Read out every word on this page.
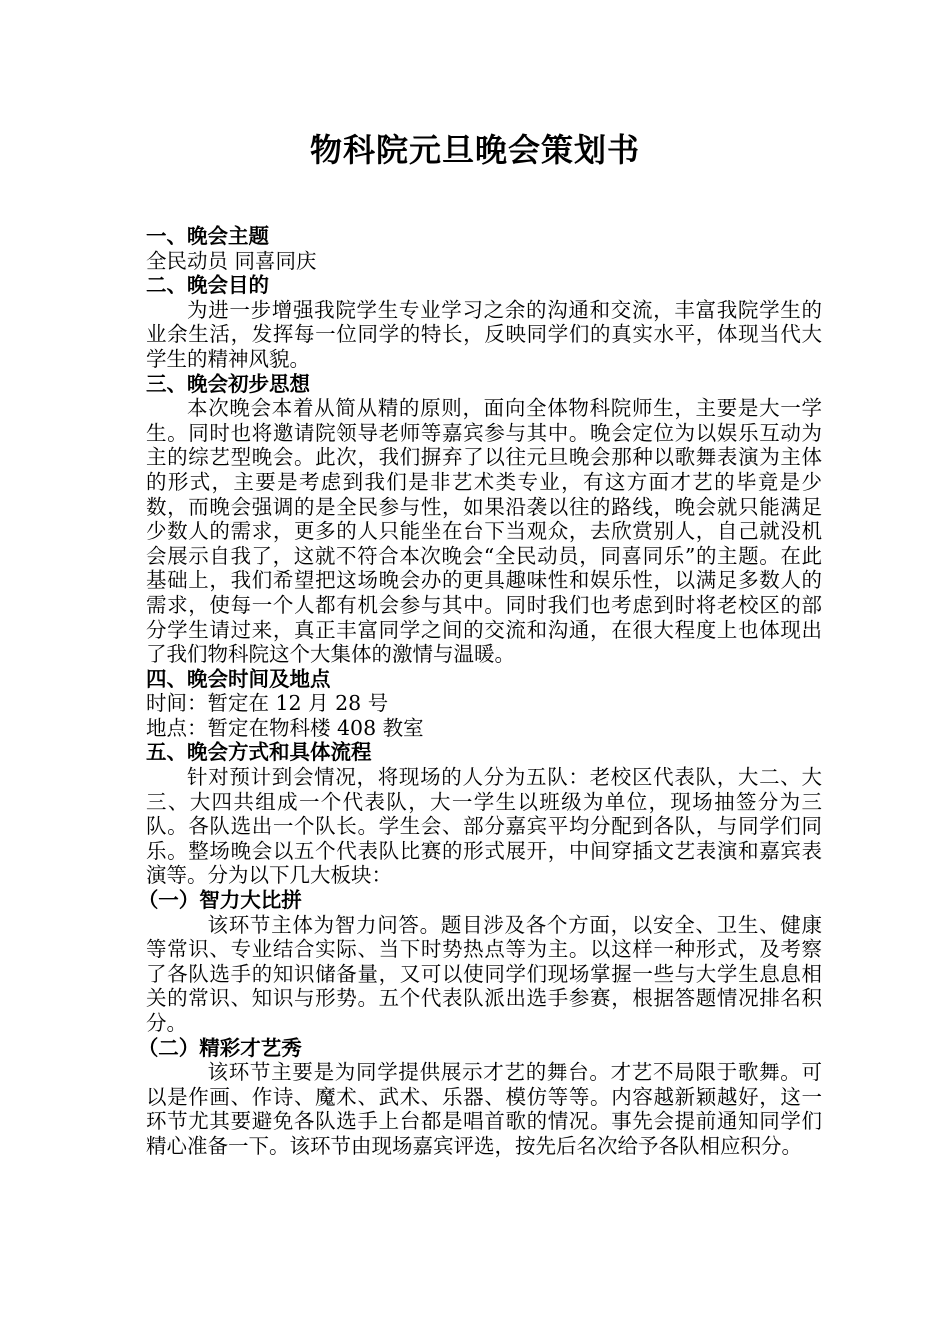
物科院元旦晚会策划书

一、晚会主题

全民动员 同喜同庆

二、晚会目的

为进一步增强我院学生专业学习之余的沟通和交流，丰富我院学生的业余生活，发挥每一位同学的特长，反映同学们的真实水平，体现当代大学生的精神风貌。

三、晚会初步思想

本次晚会本着从简从精的原则，面向全体物科院师生，主要是大一学生。同时也将邀请院领导老师等嘉宾参与其中。晚会定位为以娱乐互动为主的综艺型晚会。此次，我们摒弃了以往元旦晚会那种以歌舞表演为主体的形式，主要是考虑到我们是非艺术类专业，有这方面才艺的毕竟是少数，而晚会强调的是全民参与性，如果沿袭以往的路线，晚会就只能满足少数人的需求，更多的人只能坐在台下当观众，去欣赏别人，自己就没机会展示自我了，这就不符合本次晚会“全民动员，同喜同乐”的主题。在此基础上，我们希望把这场晚会办的更具趣味性和娱乐性，以满足多数人的需求，使每一个人都有机会参与其中。同时我们也考虑到时将老校区的部分学生请过来，真正丰富同学之间的交流和沟通，在很大程度上也体现出了我们物科院这个大集体的激情与温暖。

四、晚会时间及地点

时间：暂定在 12 月 28 号

地点：暂定在物科楼 408 教室

五、晚会方式和具体流程

针对预计到会情况，将现场的人分为五队：老校区代表队，大二、大三、大四共组成一个代表队，大一学生以班级为单位，现场抽签分为三队。各队选出一个队长。学生会、部分嘉宾平均分配到各队，与同学们同乐。整场晚会以五个代表队比赛的形式展开，中间穿插文艺表演和嘉宾表演等。分为以下几大板块：

（一）智力大比拼

该环节主体为智力问答。题目涉及各个方面，以安全、卫生、健康等常识、专业结合实际、当下时势热点等为主。以这样一种形式，及考察了各队选手的知识储备量，又可以使同学们现场掌握一些与大学生息息相关的常识、知识与形势。五个代表队派出选手参赛，根据答题情况排名积分。

（二）精彩才艺秀

该环节主要是为同学提供展示才艺的舞台。才艺不局限于歌舞。可以是作画、作诗、魔术、武术、乐器、模仿等等。内容越新颖越好，这一环节尤其要避免各队选手上台都是唱首歌的情况。事先会提前通知同学们精心准备一下。该环节由现场嘉宾评选，按先后名次给予各队相应积分。
